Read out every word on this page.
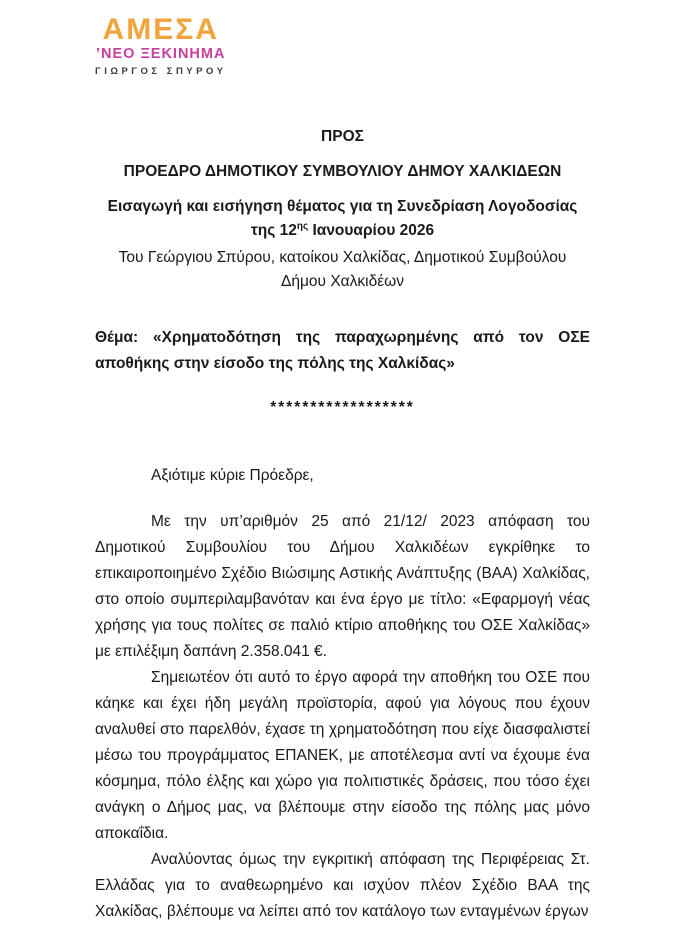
ΑΜΕΣΑ
’ΝΕΟ ΞΕΚΙΝΗΜΑ
ΓΙΩΡΓΟΣ ΣΠΥΡΟΥ

ΠΡΟΣ

ΠΡΟΕΔΡΟ ΔΗΜΟΤΙΚΟΥ ΣΥΜΒΟΥΛΙΟΥ ΔΗΜΟΥ ΧΑΛΚΙΔΕΩΝ

Εισαγωγή και εισήγηση θέματος για τη Συνεδρίαση Λογοδοσίας

της $12^{\eta\varsigma}$ Ιανουαρίου 2026

Του Γεώργιου Σπύρου, κατοίκου Χαλκίδας, Δημοτικού Συμβούλου
Δήμου Χαλκιδέων

Θέμα: «Χρηματοδότηση της παραχωρημένης από τον ΟΣΕ αποθήκης στην είσοδο της πόλης της Χαλκίδας»

******************

Αξιότιμε κύριε Πρόεδρε,

Με την υπ’αριθμόν 25 από 21/12/ 2023 απόφαση του Δημοτικού Συμβουλίου του Δήμου Χαλκιδέων εγκρίθηκε το επικαιροποιημένο Σχέδιο Βιώσιμης Αστικής Ανάπτυξης (ΒΑΑ) Χαλκίδας, στο οποίο συμπεριλαμβανόταν και ένα έργο με τίτλο: «Εφαρμογή νέας χρήσης για τους πολίτες σε παλιό κτίριο αποθήκης του ΟΣΕ Χαλκίδας» με επιλέξιμη δαπάνη 2.358.041 €.

Σημειωτέον ότι αυτό το έργο αφορά την αποθήκη του ΟΣΕ που κάηκε και έχει ήδη μεγάλη προϊστορία, αφού για λόγους που έχουν αναλυθεί στο παρελθόν, έχασε τη χρηματοδότηση που είχε διασφαλιστεί μέσω του προγράμματος ΕΠΑΝΕΚ, με αποτέλεσμα αντί να έχουμε ένα κόσμημα, πόλο έλξης και χώρο για πολιτιστικές δράσεις, που τόσο έχει ανάγκη ο Δήμος μας, να βλέπουμε στην είσοδο της πόλης μας μόνο αποκαΐδια.

Αναλύοντας όμως την εγκριτική απόφαση της Περιφέρειας Στ. Ελλάδας για το αναθεωρημένο και ισχύον πλέον Σχέδιο ΒΑΑ της Χαλκίδας, βλέπουμε να λείπει από τον κατάλογο των ενταγμένων έργων
